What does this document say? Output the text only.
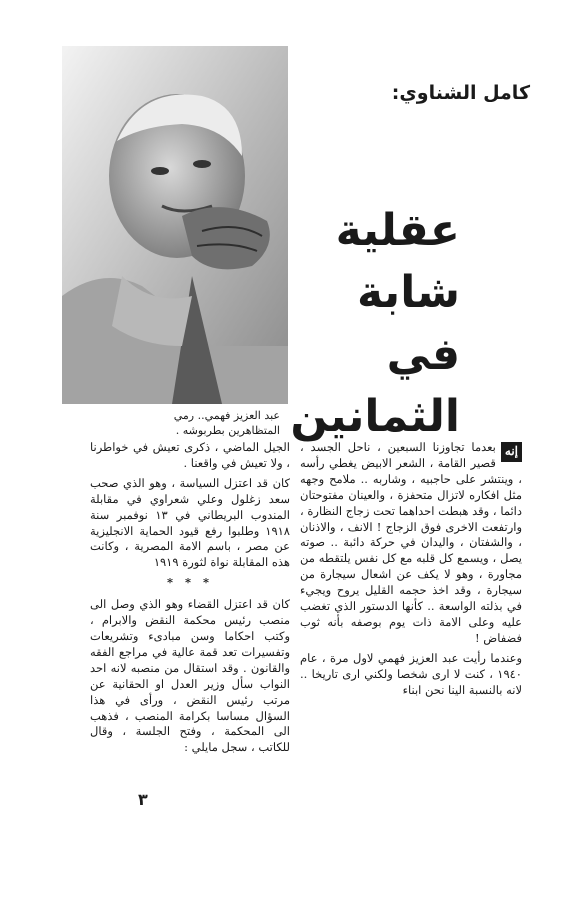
كامل الشناوي:
عقلية
شابة
في
الثمانين
عبد العزيز فهمي.. رمي المتظاهرين بطربوشه .

إنه
بعدما تجاوزنا السبعين ، ناحل الجسد ، قصير القامة ، الشعر الابيض يغطي رأسه ، وينتشر على حاجبيه ، وشاربه .. ملامح وجهه مثل افكاره لاتزال متحفزة ، والعينان مفتوحتان دائما ، وقد هبطت احداهما تحت زجاج النظارة ، وارتفعت الاخرى فوق الزجاج ! الانف ، والاذنان ، والشفتان ، واليدان في حركة دائبة .. صوته يصل ، ويسمع كل قلبه مع كل نفس يلتقطه من مجاورة ، وهو لا يكف عن اشعال سيجارة من سيجارة ، وقد اخذ حجمه القليل يروح ويجيء في بذلته الواسعة .. كأنها الدستور الذي تغضب عليه وعلى الامة ذات يوم بوصفه بأنه ثوب فضفاض !

وعندما رأيت عبد العزيز فهمي لاول مرة ، عام ١٩٤٠ ، كنت لا ارى شخصا ولكني ارى تاريخا .. لانه بالنسبة الينا نحن ابناء

الجيل الماضي ، ذكرى تعيش في خواطرنا ، ولا تعيش في واقعنا .

كان قد اعتزل السياسة ، وهو الذي صحب سعد زغلول وعلي شعراوي في مقابلة المندوب البريطاني في ١٣ نوفمبر سنة ١٩١٨ وطلبوا رفع قيود الحماية الانجليزية عن مصر ، باسم الامة المصرية ، وكانت هذه المقابلة نواة لثورة ١٩١٩

* * *

كان قد اعتزل القضاء وهو الذي وصل الى منصب رئيس محكمة النقض والابرام ، وكتب احكاما وسن مبادىء وتشريعات وتفسيرات تعد قمة عالية في مراجع الفقه والقانون . وقد استقال من منصبه لانه احد النواب سأل وزير العدل او الحقانية عن مرتب رئيس النقض ، ورأى في هذا السؤال مساسا بكرامة المنصب ، فذهب الى المحكمة ، وفتح الجلسة ، وقال للكاتب ، سجل مايلي :

٣
